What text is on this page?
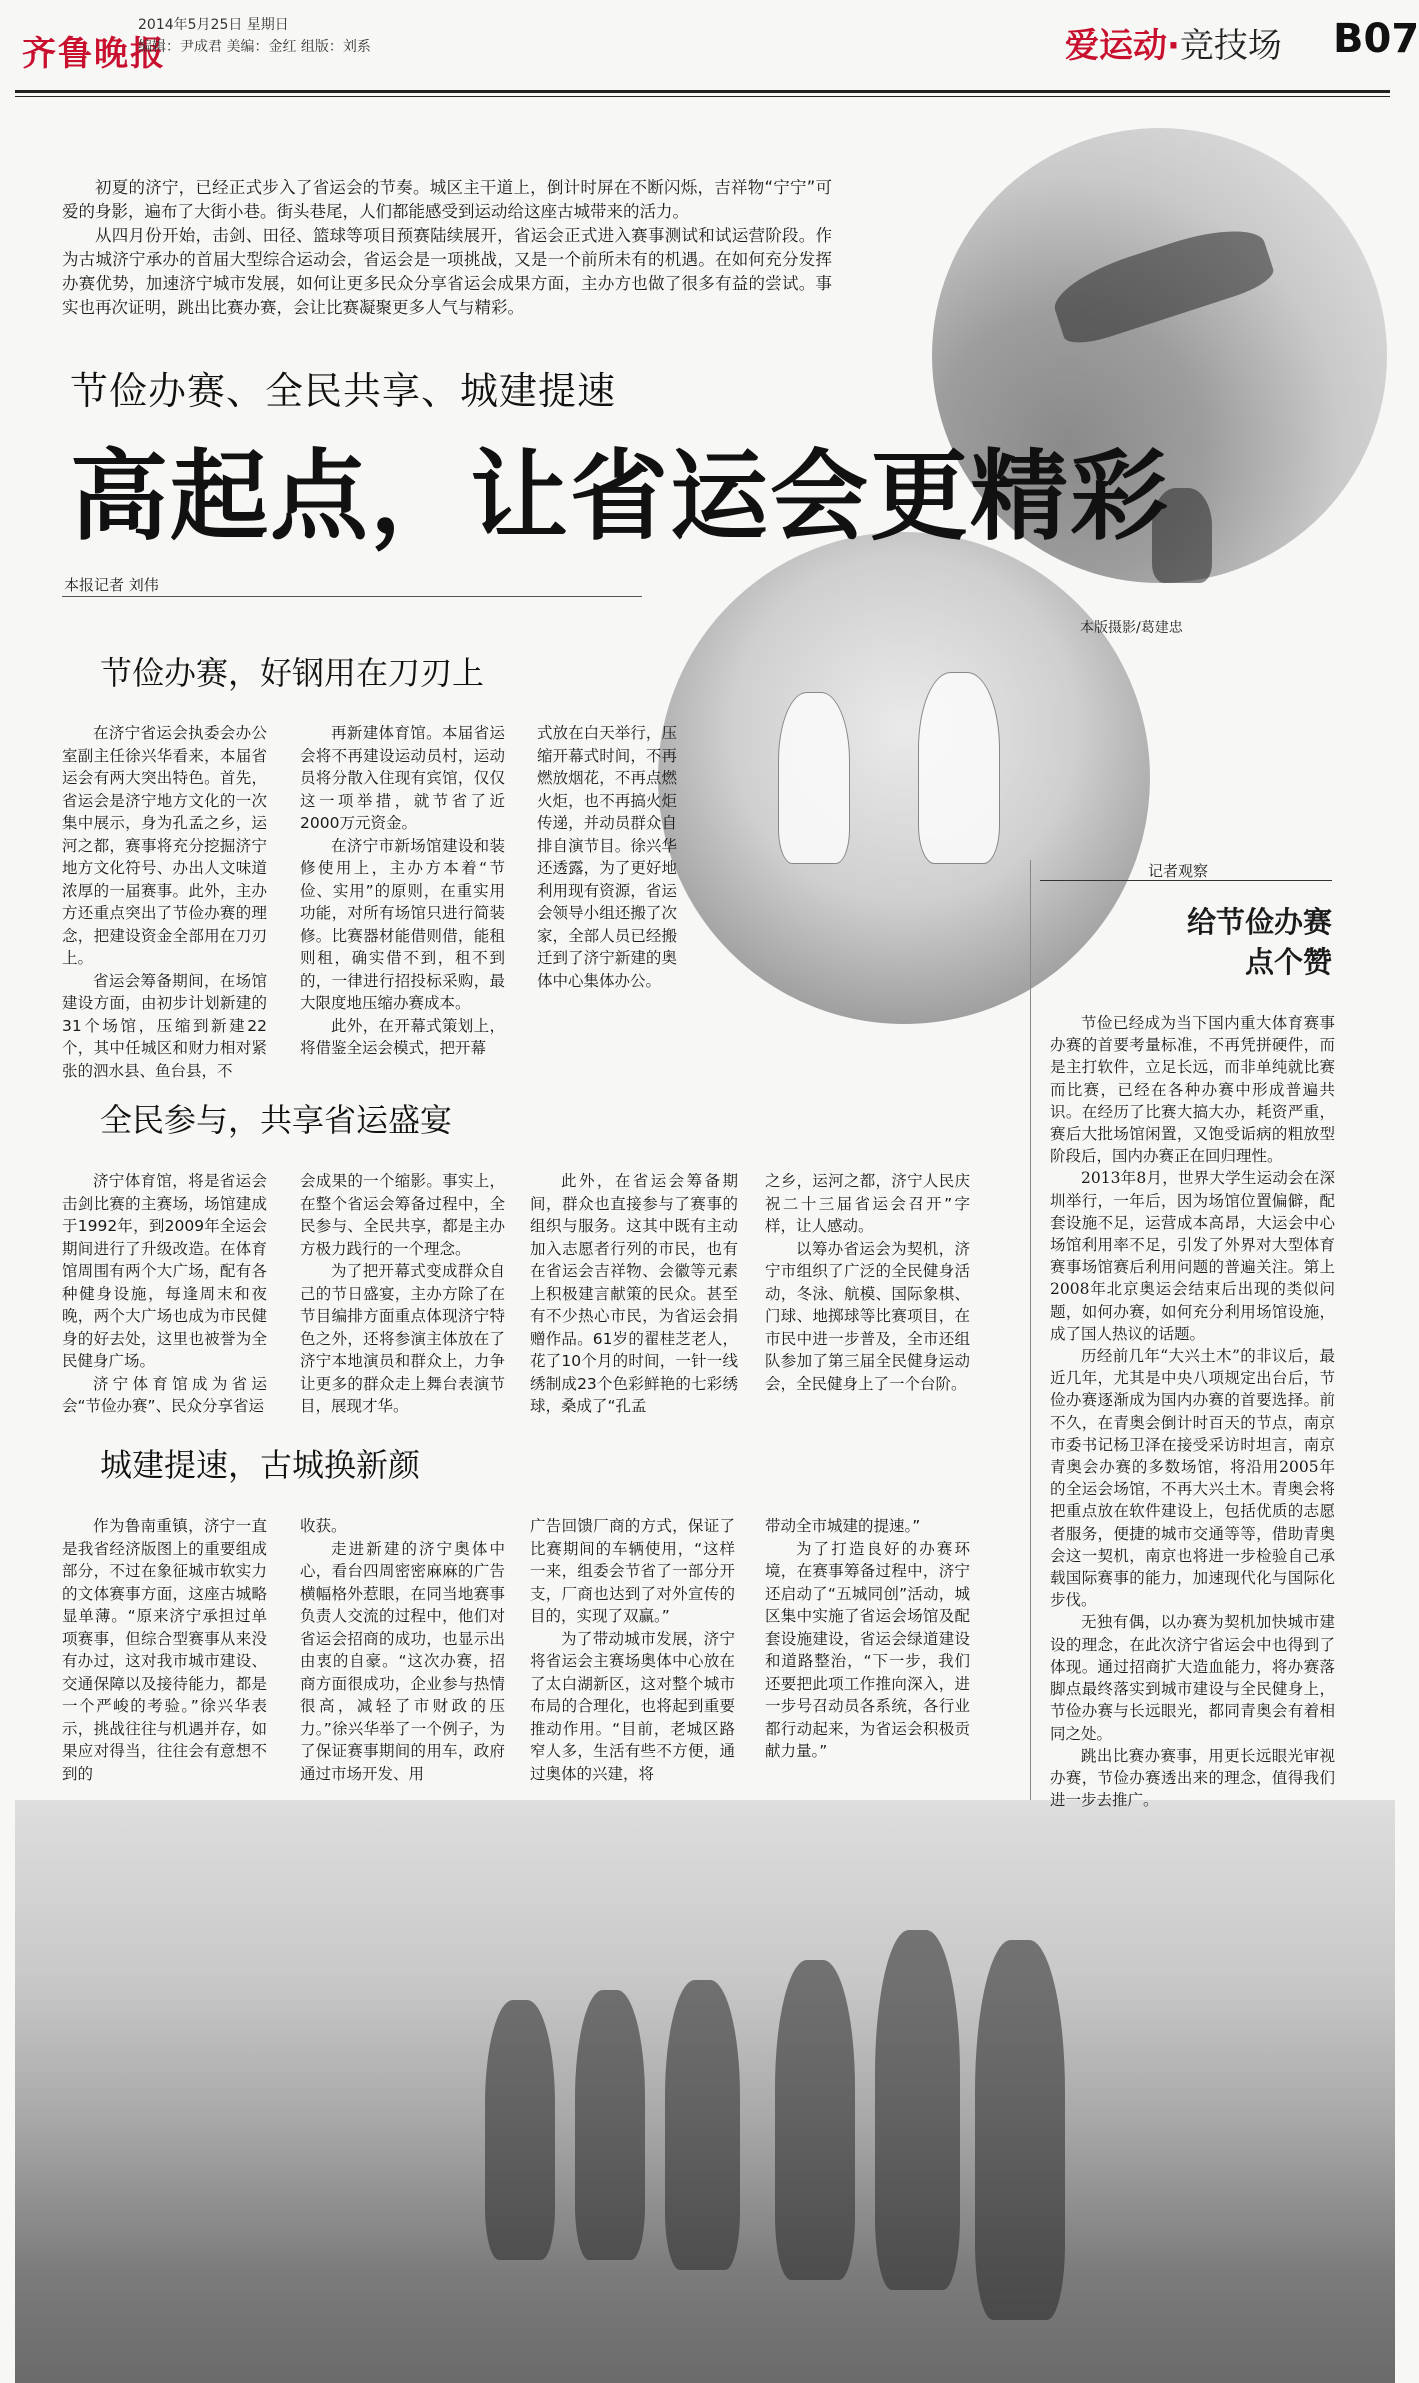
齐鲁晚报
2014年5月25日 星期日
编辑：尹成君 美编：金红 组版：刘系	爱运动·竞技场 B07

初夏的济宁，已经正式步入了省运会的节奏。城区主干道上，倒计时屏在不断闪烁，吉祥物“宁宁”可爱的身影，遍布了大街小巷。街头巷尾，人们都能感受到运动给这座古城带来的活力。

从四月份开始，击剑、田径、篮球等项目预赛陆续展开，省运会正式进入赛事测试和试运营阶段。作为古城济宁承办的首届大型综合运动会，省运会是一项挑战，又是一个前所未有的机遇。在如何充分发挥办赛优势，加速济宁城市发展，如何让更多民众分享省运会成果方面，主办方也做了很多有益的尝试。事实也再次证明，跳出比赛办赛，会让比赛凝聚更多人气与精彩。

节俭办赛、全民共享、城建提速
高起点，让省运会更精彩
本报记者 刘伟
本版摄影/葛建忠
节俭办赛，好钢用在刀刃上

在济宁省运会执委会办公室副主任徐兴华看来，本届省运会有两大突出特色。首先，省运会是济宁地方文化的一次集中展示，身为孔孟之乡，运河之都，赛事将充分挖掘济宁地方文化符号、办出人文味道浓厚的一届赛事。此外，主办方还重点突出了节俭办赛的理念，把建设资金全部用在刀刃上。

省运会筹备期间，在场馆建设方面，由初步计划新建的31个场馆，压缩到新建22个，其中任城区和财力相对紧张的泗水县、鱼台县，不

再新建体育馆。本届省运会将不再建设运动员村，运动员将分散入住现有宾馆，仅仅这一项举措，就节省了近2000万元资金。

在济宁市新场馆建设和装修使用上，主办方本着“节俭、实用”的原则，在重实用功能，对所有场馆只进行简装修。比赛器材能借则借，能租则租，确实借不到，租不到的，一律进行招投标采购，最大限度地压缩办赛成本。

此外，在开幕式策划上，将借鉴全运会模式，把开幕

式放在白天举行，压缩开幕式时间，不再燃放烟花，不再点燃火炬，也不再搞火炬传递，并动员群众自排自演节目。徐兴华还透露，为了更好地利用现有资源，省运会领导小组还搬了次家，全部人员已经搬迁到了济宁新建的奥体中心集体办公。

全民参与，共享省运盛宴

济宁体育馆，将是省运会击剑比赛的主赛场，场馆建成于1992年，到2009年全运会期间进行了升级改造。在体育馆周围有两个大广场，配有各种健身设施，每逢周末和夜晚，两个大广场也成为市民健身的好去处，这里也被誉为全民健身广场。

济宁体育馆成为省运会“节俭办赛”、民众分享省运

会成果的一个缩影。事实上，在整个省运会筹备过程中，全民参与、全民共享，都是主办方极力践行的一个理念。

为了把开幕式变成群众自己的节日盛宴，主办方除了在节目编排方面重点体现济宁特色之外，还将参演主体放在了济宁本地演员和群众上，力争让更多的群众走上舞台表演节目，展现才华。

此外，在省运会筹备期间，群众也直接参与了赛事的组织与服务。这其中既有主动加入志愿者行列的市民，也有在省运会吉祥物、会徽等元素上积极建言献策的民众。甚至有不少热心市民，为省运会捐赠作品。61岁的翟桂芝老人，花了10个月的时间，一针一线绣制成23个色彩鲜艳的七彩绣球，桑成了“孔孟

之乡，运河之都，济宁人民庆祝二十三届省运会召开”字样，让人感动。

以筹办省运会为契机，济宁市组织了广泛的全民健身活动，冬泳、航模、国际象棋、门球、地掷球等比赛项目，在市民中进一步普及，全市还组队参加了第三届全民健身运动会，全民健身上了一个台阶。

城建提速，古城换新颜

作为鲁南重镇，济宁一直是我省经济版图上的重要组成部分，不过在象征城市软实力的文体赛事方面，这座古城略显单薄。“原来济宁承担过单项赛事，但综合型赛事从来没有办过，这对我市城市建设、交通保障以及接待能力，都是一个严峻的考验。”徐兴华表示，挑战往往与机遇并存，如果应对得当，往往会有意想不到的

收获。

走进新建的济宁奥体中心，看台四周密密麻麻的广告横幅格外惹眼，在同当地赛事负责人交流的过程中，他们对省运会招商的成功，也显示出由衷的自豪。“这次办赛，招商方面很成功，企业参与热情很高，减轻了市财政的压力。”徐兴华举了一个例子，为了保证赛事期间的用车，政府通过市场开发、用

广告回馈厂商的方式，保证了比赛期间的车辆使用，“这样一来，组委会节省了一部分开支，厂商也达到了对外宣传的目的，实现了双赢。”

为了带动城市发展，济宁将省运会主赛场奥体中心放在了太白湖新区，这对整个城市布局的合理化，也将起到重要推动作用。“目前，老城区路窄人多，生活有些不方便，通过奥体的兴建，将

带动全市城建的提速。”

为了打造良好的办赛环境，在赛事筹备过程中，济宁还启动了“五城同创”活动，城区集中实施了省运会场馆及配套设施建设，省运会绿道建设和道路整治，“下一步，我们还要把此项工作推向深入，进一步号召动员各系统，各行业都行动起来，为省运会积极贡献力量。”

记者观察
给节俭办赛
点个赞

节俭已经成为当下国内重大体育赛事办赛的首要考量标准，不再凭拼硬件，而是主打软件，立足长远，而非单纯就比赛而比赛，已经在各种办赛中形成普遍共识。在经历了比赛大搞大办，耗资严重，赛后大批场馆闲置，又饱受诟病的粗放型阶段后，国内办赛正在回归理性。

2013年8月，世界大学生运动会在深圳举行，一年后，因为场馆位置偏僻，配套设施不足，运营成本高昂，大运会中心场馆利用率不足，引发了外界对大型体育赛事场馆赛后利用问题的普遍关注。第上2008年北京奥运会结束后出现的类似问题，如何办赛，如何充分利用场馆设施，成了国人热议的话题。

历经前几年“大兴土木”的非议后，最近几年，尤其是中央八项规定出台后，节俭办赛逐渐成为国内办赛的首要选择。前不久，在青奥会倒计时百天的节点，南京市委书记杨卫泽在接受采访时坦言，南京青奥会办赛的多数场馆，将沿用2005年的全运会场馆，不再大兴土木。青奥会将把重点放在软件建设上，包括优质的志愿者服务，便捷的城市交通等等，借助青奥会这一契机，南京也将进一步检验自己承载国际赛事的能力，加速现代化与国际化步伐。

无独有偶，以办赛为契机加快城市建设的理念，在此次济宁省运会中也得到了体现。通过招商扩大造血能力，将办赛落脚点最终落实到城市建设与全民健身上，节俭办赛与长远眼光，都同青奥会有着相同之处。

跳出比赛办赛事，用更长远眼光审视办赛，节俭办赛透出来的理念，值得我们进一步去推广。
